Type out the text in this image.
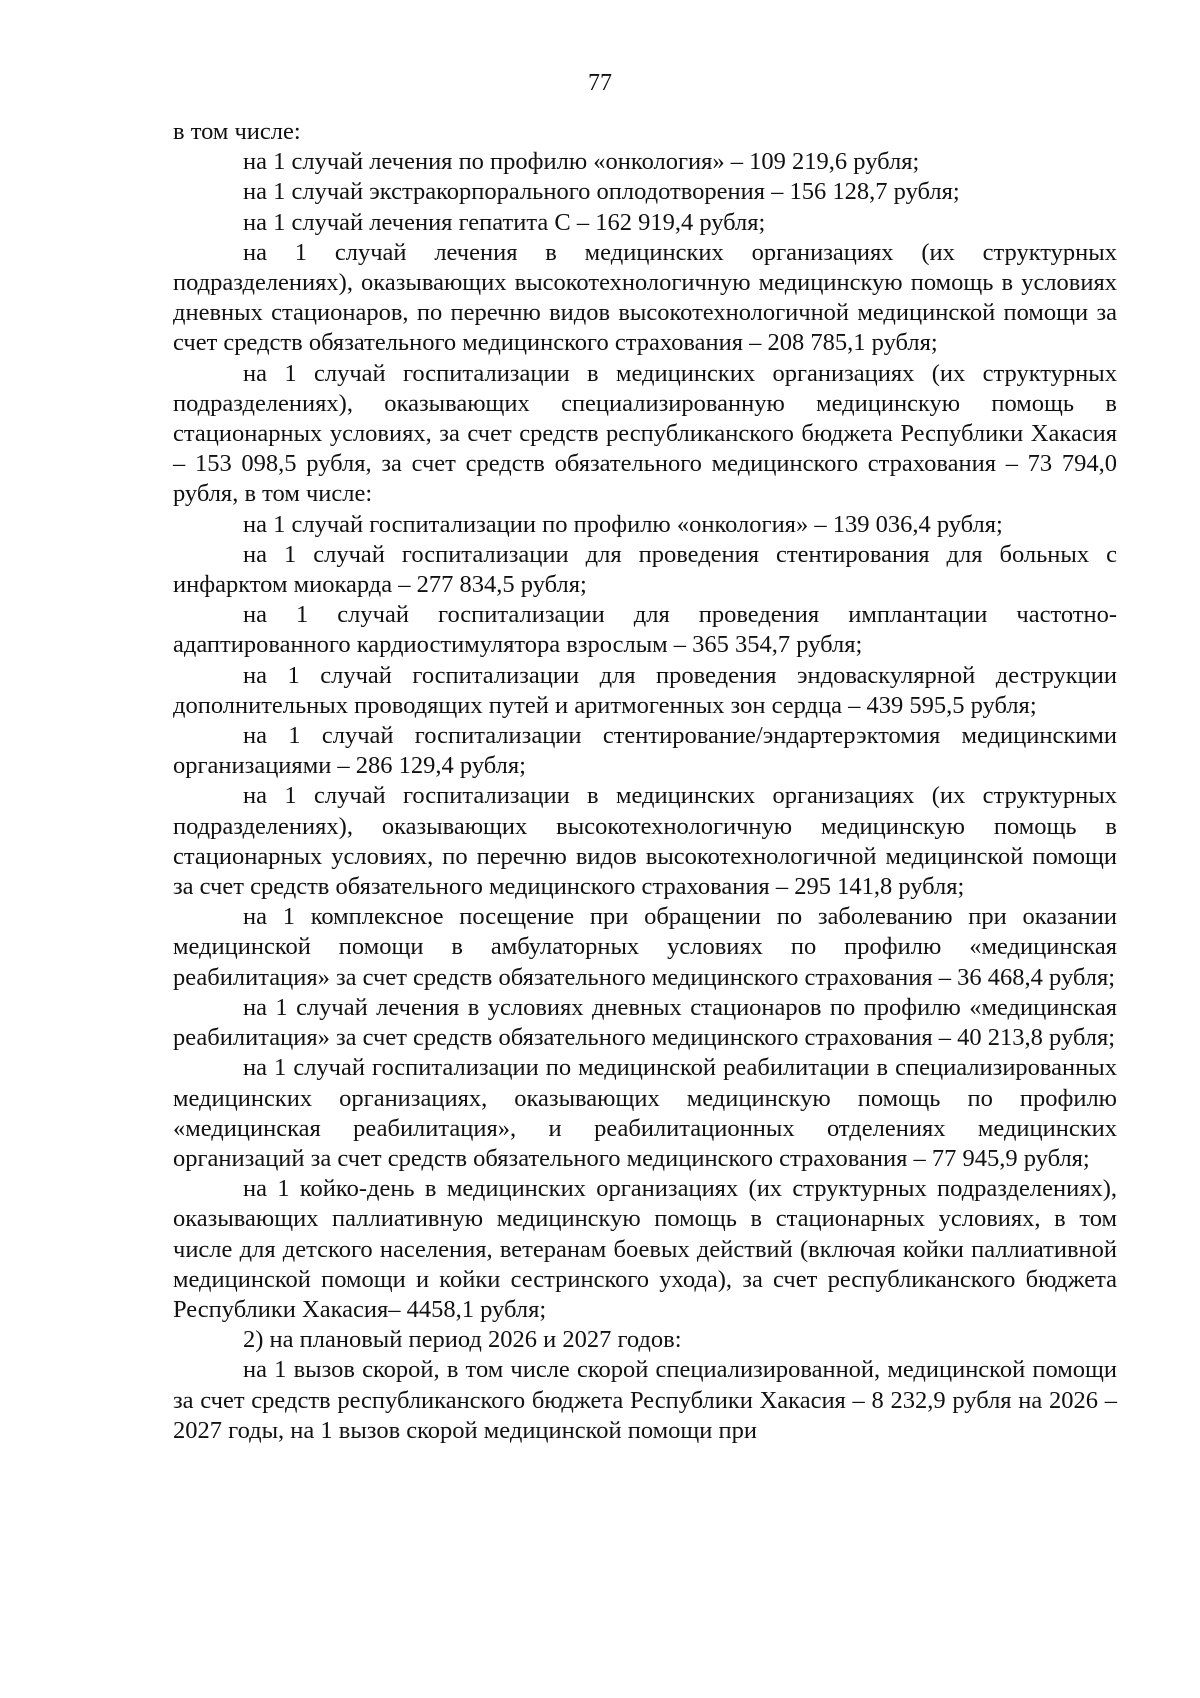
77

в том числе:

на 1 случай лечения по профилю «онкология» – 109 219,6 рубля;

на 1 случай экстракорпорального оплодотворения – 156 128,7 рубля;

на 1 случай лечения гепатита С – 162 919,4 рубля;

на 1 случай лечения в медицинских организациях (их структурных подразделениях), оказывающих высокотехнологичную медицинскую помощь в условиях дневных стационаров, по перечню видов высокотехнологичной медицинской помощи за счет средств обязательного медицинского страхования – 208 785,1 рубля;

на 1 случай госпитализации в медицинских организациях (их структурных подразделениях), оказывающих специализированную медицинскую помощь в стационарных условиях, за счет средств республиканского бюджета Республики Хакасия – 153 098,5 рубля, за счет средств обязательного медицинского страхования – 73 794,0 рубля, в том числе:

на 1 случай госпитализации по профилю «онкология» – 139 036,4 рубля;

на 1 случай госпитализации для проведения стентирования для больных с инфарктом миокарда – 277 834,5 рубля;

на 1 случай госпитализации для проведения имплантации частотно-адаптированного кардиостимулятора взрослым – 365 354,7 рубля;

на 1 случай госпитализации для проведения эндоваскулярной деструкции дополнительных проводящих путей и аритмогенных зон сердца – 439 595,5 рубля;

на 1 случай госпитализации стентирование/эндартерэктомия медицинскими организациями – 286 129,4 рубля;

на 1 случай госпитализации в медицинских организациях (их структурных подразделениях), оказывающих высокотехнологичную медицинскую помощь в стационарных условиях, по перечню видов высокотехнологичной медицинской помощи за счет средств обязательного медицинского страхования – 295 141,8 рубля;

на 1 комплексное посещение при обращении по заболеванию при оказании медицинской помощи в амбулаторных условиях по профилю «медицинская реабилитация» за счет средств обязательного медицинского страхования – 36 468,4 рубля;

на 1 случай лечения в условиях дневных стационаров по профилю «медицинская реабилитация» за счет средств обязательного медицинского страхования – 40 213,8 рубля;

на 1 случай госпитализации по медицинской реабилитации в специализированных медицинских организациях, оказывающих медицинскую помощь по профилю «медицинская реабилитация», и реабилитационных отделениях медицинских организаций за счет средств обязательного медицинского страхования – 77 945,9 рубля;

на 1 койко-день в медицинских организациях (их структурных подразделениях), оказывающих паллиативную медицинскую помощь в стационарных условиях, в том числе для детского населения, ветеранам боевых действий (включая койки паллиативной медицинской помощи и койки сестринского ухода), за счет республиканского бюджета Республики Хакасия– 4458,1 рубля;

2) на плановый период 2026 и 2027 годов:

на 1 вызов скорой, в том числе скорой специализированной, медицинской помощи за счет средств республиканского бюджета Республики Хакасия – 8 232,9 рубля на 2026 – 2027 годы, на 1 вызов скорой медицинской помощи при
